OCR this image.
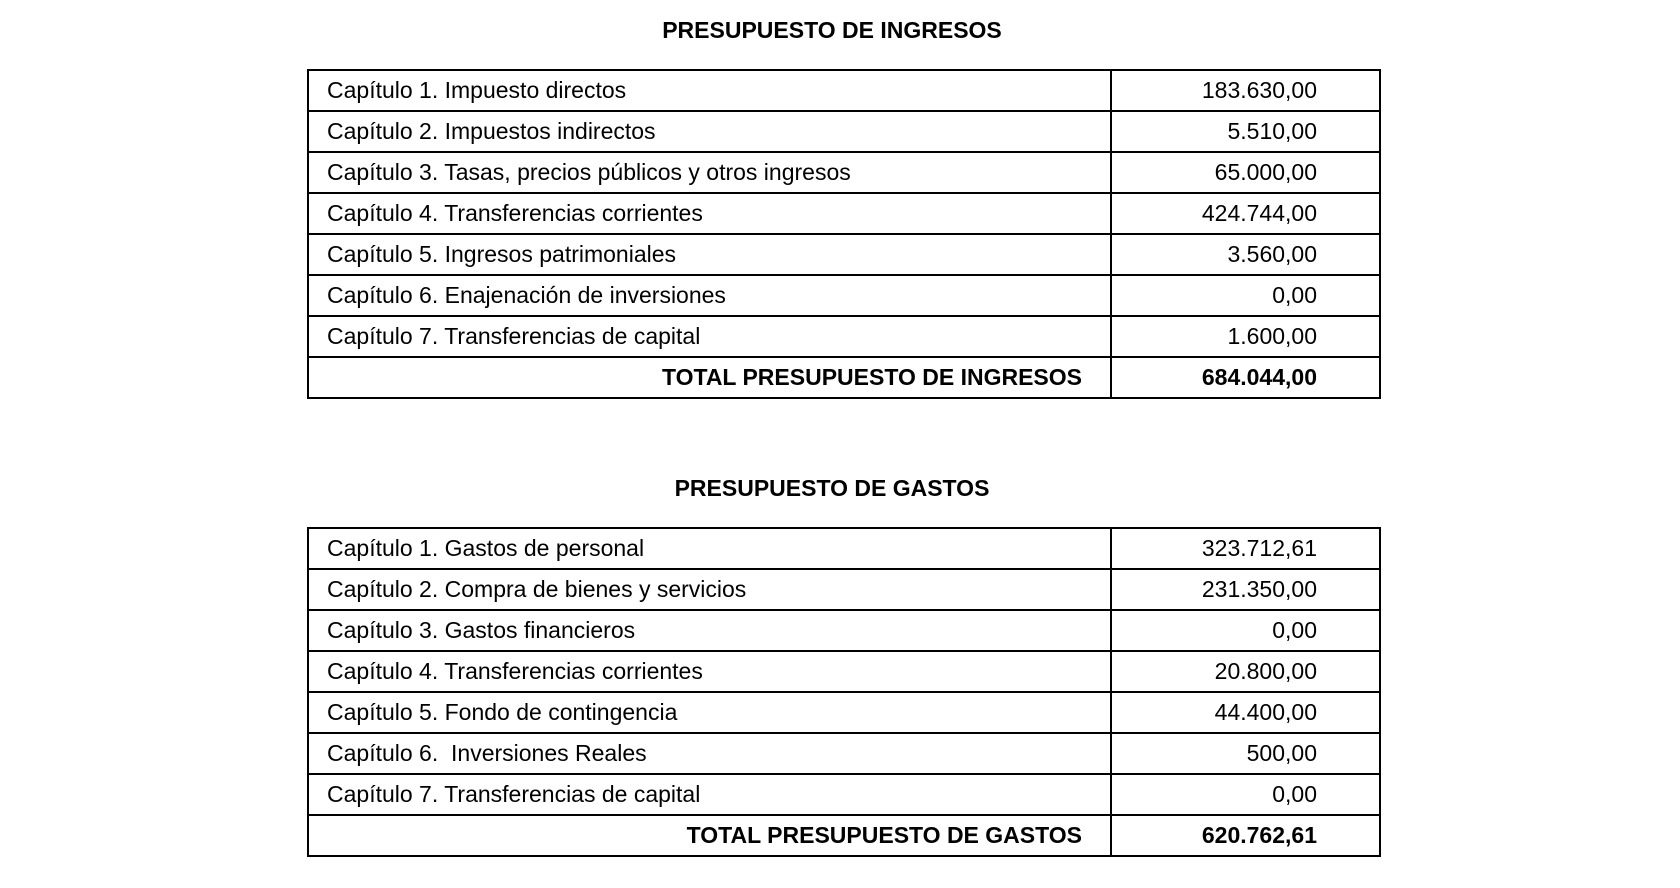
PRESUPUESTO DE INGRESOS
Capítulo 1. Impuesto directos	183.630,00
Capítulo 2. Impuestos indirectos	5.510,00
Capítulo 3. Tasas, precios públicos y otros ingresos	65.000,00
Capítulo 4. Transferencias corrientes	424.744,00
Capítulo 5. Ingresos patrimoniales	3.560,00
Capítulo 6. Enajenación de inversiones	0,00
Capítulo 7. Transferencias de capital	1.600,00
TOTAL PRESUPUESTO DE INGRESOS	684.044,00
PRESUPUESTO DE GASTOS
Capítulo 1. Gastos de personal	323.712,61
Capítulo 2. Compra de bienes y servicios	231.350,00
Capítulo 3. Gastos financieros	0,00
Capítulo 4. Transferencias corrientes	20.800,00
Capítulo 5. Fondo de contingencia	44.400,00
Capítulo 6.  Inversiones Reales	500,00
Capítulo 7. Transferencias de capital	0,00
TOTAL PRESUPUESTO DE GASTOS	620.762,61
